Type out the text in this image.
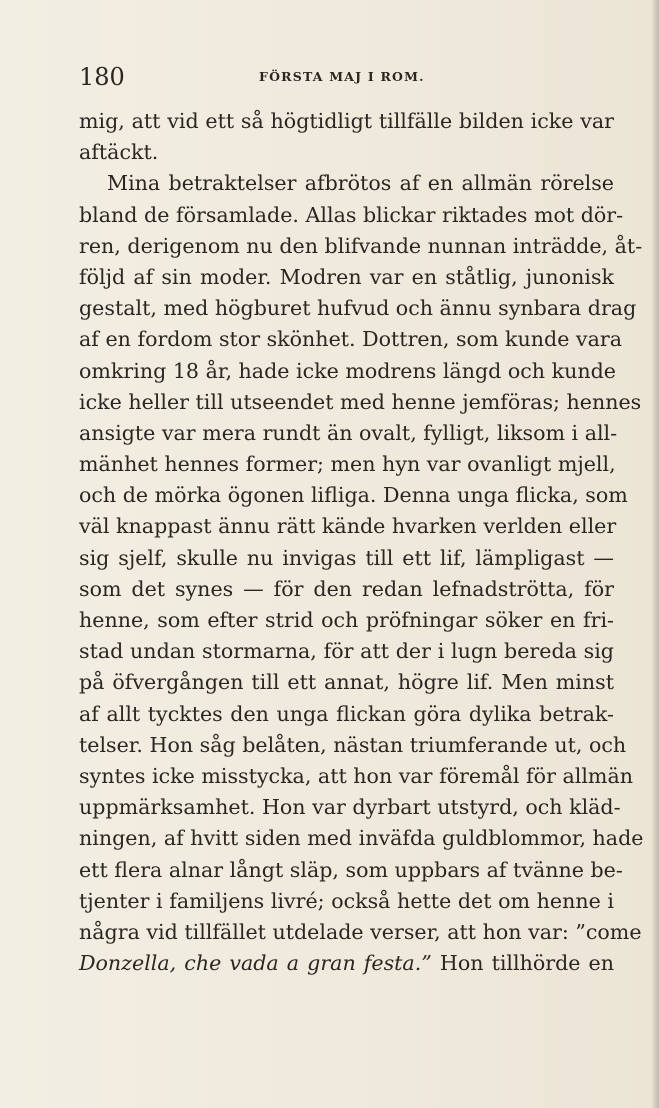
180	FÖRSTA MAJ I ROM.
mig, att vid ett så högtidligt tillfälle bilden icke var
aftäckt.
Mina betraktelser afbrötos af en allmän rörelse
bland de församlade. Allas blickar riktades mot dör-
ren, derigenom nu den blifvande nunnan inträdde, åt-
följd af sin moder. Modren var en ståtlig, junonisk
gestalt, med högburet hufvud och ännu synbara drag
af en fordom stor skönhet. Dottren, som kunde vara
omkring 18 år, hade icke modrens längd och kunde
icke heller till utseendet med henne jemföras; hennes
ansigte var mera rundt än ovalt, fylligt, liksom i all-
mänhet hennes former; men hyn var ovanligt mjell,
och de mörka ögonen lifliga. Denna unga flicka, som
väl knappast ännu rätt kände hvarken verlden eller
sig sjelf, skulle nu invigas till ett lif, lämpligast —
som det synes — för den redan lefnadströtta, för
henne, som efter strid och pröfningar söker en fri-
stad undan stormarna, för att der i lugn bereda sig
på öfvergången till ett annat, högre lif. Men minst
af allt tycktes den unga flickan göra dylika betrak-
telser. Hon såg belåten, nästan triumferande ut, och
syntes icke misstycka, att hon var föremål för allmän
uppmärksamhet. Hon var dyrbart utstyrd, och kläd-
ningen, af hvitt siden med inväfda guldblommor, hade
ett flera alnar långt släp, som uppbars af tvänne be-
tjenter i familjens livré; också hette det om henne i
några vid tillfället utdelade verser, att hon var: ”come
Donzella, che vada a gran festa.” Hon tillhörde en
